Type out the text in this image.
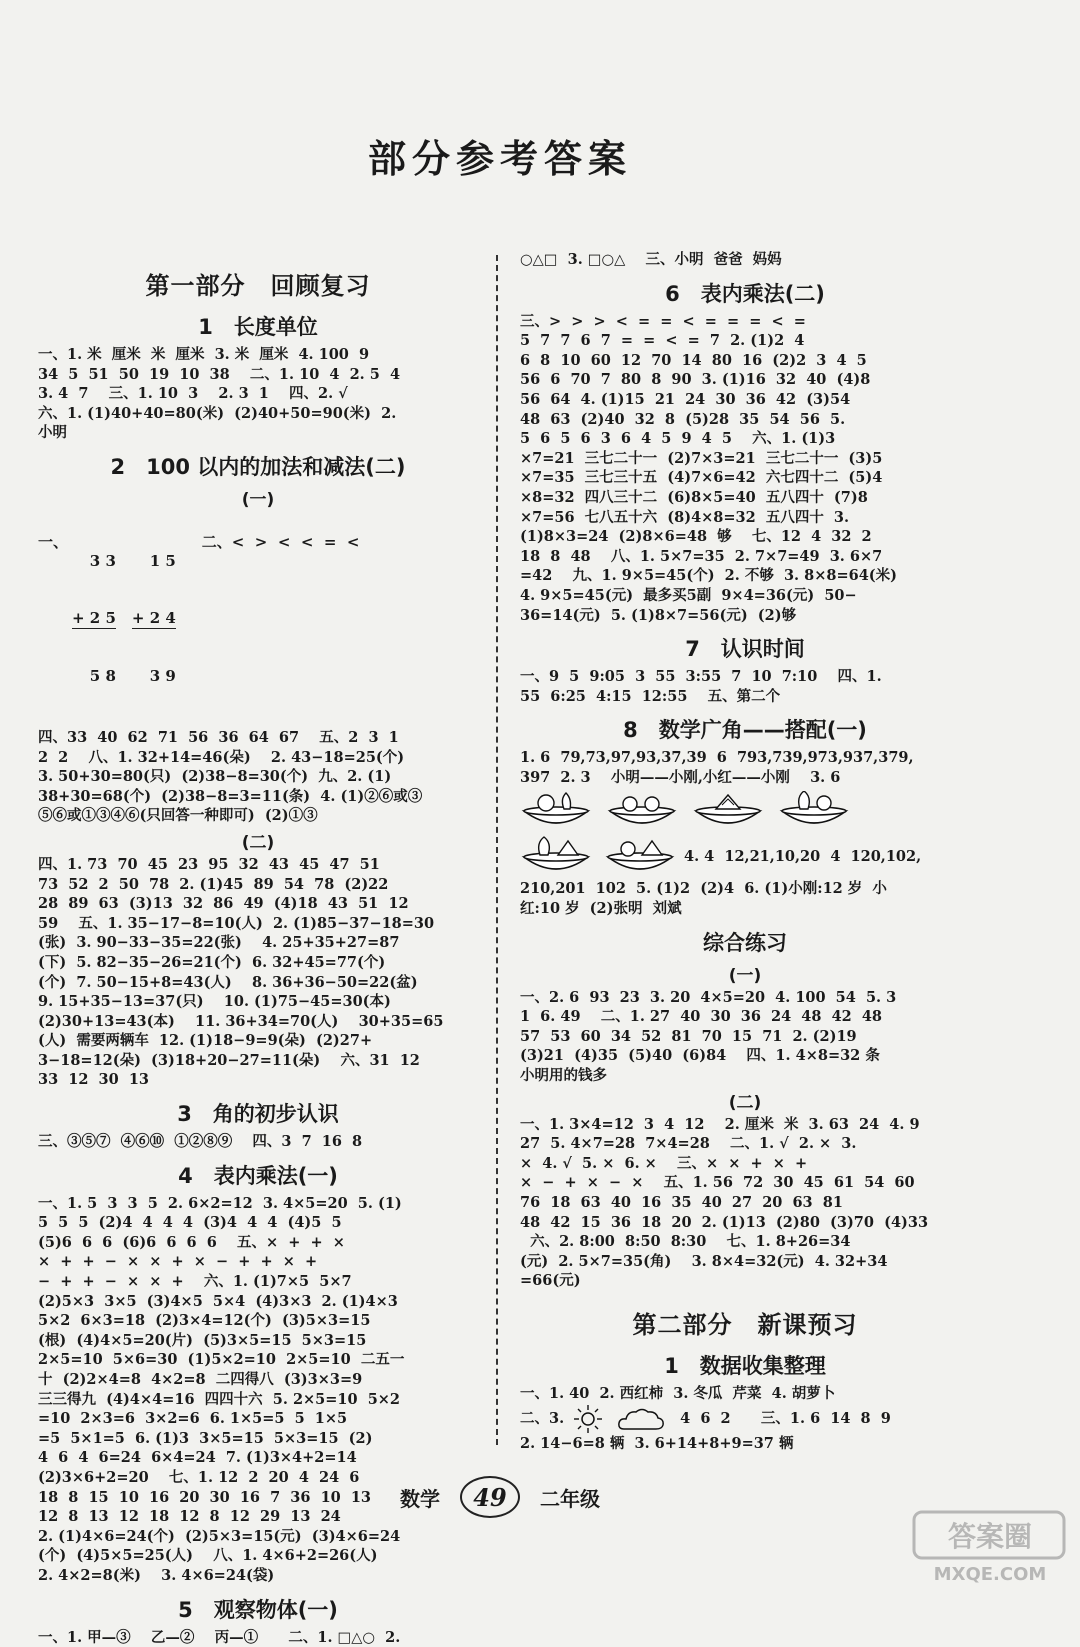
部分参考答案
第一部分　回顾复习
1　长度单位
一、1. 米  厘米  米  厘米  3. 米  厘米  4. 100  9
34  5  51  50  19  10  38    二、1. 10  4  2. 5  4
3. 4  7    三、1. 10  3    2. 3  1    四、2. √
六、1. (1)40+40=80(米)  (2)40+50=90(米)  2.
小明
2　100 以内的加法和减法(二)
(一)
一、

3 3

+ 2 5

5 8

1 5

+ 2 4

3 9

二、<  >  <  <  =  <
四、33  40  62  71  56  36  64  67    五、2  3  1
2  2    八、1. 32+14=46(朵)    2. 43−18=25(个)
3. 50+30=80(只)  (2)38−8=30(个)  九、2. (1)
38+30=68(个)  (2)38−8=3=11(条)  4. (1)②⑥或③
⑤⑥或①③④⑥(只回答一种即可)  (2)①③
(二)
四、1. 73  70  45  23  95  32  43  45  47  51
73  52  2  50  78  2. (1)45  89  54  78  (2)22
28  89  63  (3)13  32  86  49  (4)18  43  51  12
59    五、1. 35−17−8=10(人)  2. (1)85−37−18=30
(张)  3. 90−33−35=22(张)    4. 25+35+27=87
(下)  5. 82−35−26=21(个)  6. 32+45=77(个)
(个)  7. 50−15+8=43(人)    8. 36+36−50=22(盆)
9. 15+35−13=37(只)    10. (1)75−45=30(本)
(2)30+13=43(本)    11. 36+34=70(人)    30+35=65
(人)  需要两辆车  12. (1)18−9=9(朵)  (2)27+
3−18=12(朵)  (3)18+20−27=11(朵)    六、31  12
33  12  30  13
3　角的初步认识
三、③⑤⑦  ④⑥⑩  ①②⑧⑨    四、3  7  16  8
4　表内乘法(一)
一、1. 5  3  3  5  2. 6×2=12  3. 4×5=20  5. (1)
5  5  5  (2)4  4  4  4  (3)4  4  4  (4)5  5
(5)6  6  6  (6)6  6  6  6    五、×  +  +  ×
×  +  +  −  ×  ×  +  ×  −  +  +  ×  +
−  +  +  −  ×  ×  +    六、1. (1)7×5  5×7
(2)5×3  3×5  (3)4×5  5×4  (4)3×3  2. (1)4×3
5×2  6×3=18  (2)3×4=12(个)  (3)5×3=15
(根)  (4)4×5=20(片)  (5)3×5=15  5×3=15
2×5=10  5×6=30  (1)5×2=10  2×5=10  二五一
十  (2)2×4=8  4×2=8  二四得八  (3)3×3=9
三三得九  (4)4×4=16  四四十六  5. 2×5=10  5×2
=10  2×3=6  3×2=6  6. 1×5=5  5  1×5
=5  5×1=5  6. (1)3  3×5=15  5×3=15  (2)
4  6  4  6=24  6×4=24  7. (1)3×4+2=14
(2)3×6+2=20    七、1. 12  2  20  4  24  6
18  8  15  10  16  20  30  16  7  36  10  13
12  8  13  12  18  12  8  12  29  13  24
2. (1)4×6=24(个)  (2)5×3=15(元)  (3)4×6=24
(个)  (4)5×5=25(人)    八、1. 4×6+2=26(人)
2. 4×2=8(米)    3. 4×6=24(袋)
5　观察物体(一)
一、1. 甲—③    乙—②    丙—①      二、1. □△○  2.
○△□  3. □○△    三、小明  爸爸  妈妈
6　表内乘法(二)
三、>  >  >  <  =  =  <  =  =  =  <  =
5  7  7  6  7  =  =  <  =  7  2. (1)2  4
6  8  10  60  12  70  14  80  16  (2)2  3  4  5
56  6  70  7  80  8  90  3. (1)16  32  40  (4)8
56  64  4. (1)15  21  24  30  36  42  (3)54
48  63  (2)40  32  8  (5)28  35  54  56  5.
5  6  5  6  3  6  4  5  9  4  5    六、1. (1)3
×7=21  三七二十一  (2)7×3=21  三七二十一  (3)5
×7=35  三七三十五  (4)7×6=42  六七四十二  (5)4
×8=32  四八三十二  (6)8×5=40  五八四十  (7)8
×7=56  七八五十六  (8)4×8=32  五八四十  3.
(1)8×3=24  (2)8×6=48  够    七、12  4  32  2
18  8  48    八、1. 5×7=35  2. 7×7=49  3. 6×7
=42    九、1. 9×5=45(个)  2. 不够  3. 8×8=64(米)
4. 9×5=45(元)  最多买5副  9×4=36(元)  50−
36=14(元)  5. (1)8×7=56(元)  (2)够
7　认识时间
一、9  5  9:05  3  55  3:55  7  10  7:10    四、1.
55  6:25  4:15  12:55    五、第二个
8　数学广角——搭配(一)
1. 6  79,73,97,93,37,39  6  793,739,973,937,379,
397  2. 3    小明——小刚,小红——小刚    3. 6
4. 4  12,21,10,20  4  120,102,
210,201  102  5. (1)2  (2)4  6. (1)小刚:12 岁  小
红:10 岁  (2)张明  刘斌
综合练习
(一)
一、2. 6  93  23  3. 20  4×5=20  4. 100  54  5. 3
1  6. 49    二、1. 27  40  30  36  24  48  42  48
57  53  60  34  52  81  70  15  71  2. (2)19
(3)21  (4)35  (5)40  (6)84    四、1. 4×8=32 条
小明用的钱多
(二)
一、1. 3×4=12  3  4  12    2. 厘米  米  3. 63  24  4. 9
27  5. 4×7=28  7×4=28    二、1. √  2. ×  3.
×  4. √  5. ×  6. ×    三、×  ×  +  ×  +
×  −  +  ×  −  ×    五、1. 56  72  30  45  61  54  60
76  18  63  40  16  35  40  27  20  63  81
48  42  15  36  18  20  2. (1)13  (2)80  (3)70  (4)33
六、2. 8:00  8:50  8:30    七、1. 8+26=34
(元)  2. 5×7=35(角)    3. 8×4=32(元)  4. 32+34
=66(元)
第二部分　新课预习
1　数据收集整理
一、1. 40  2. 西红柿  3. 冬瓜  芹菜  4. 胡萝卜
二、3.	4  6  2      三、1. 6  14  8  9
2. 14−6=8 辆  3. 6+14+8+9=37 辆
数学	49	二年级
答案圈
MXQE.COM
